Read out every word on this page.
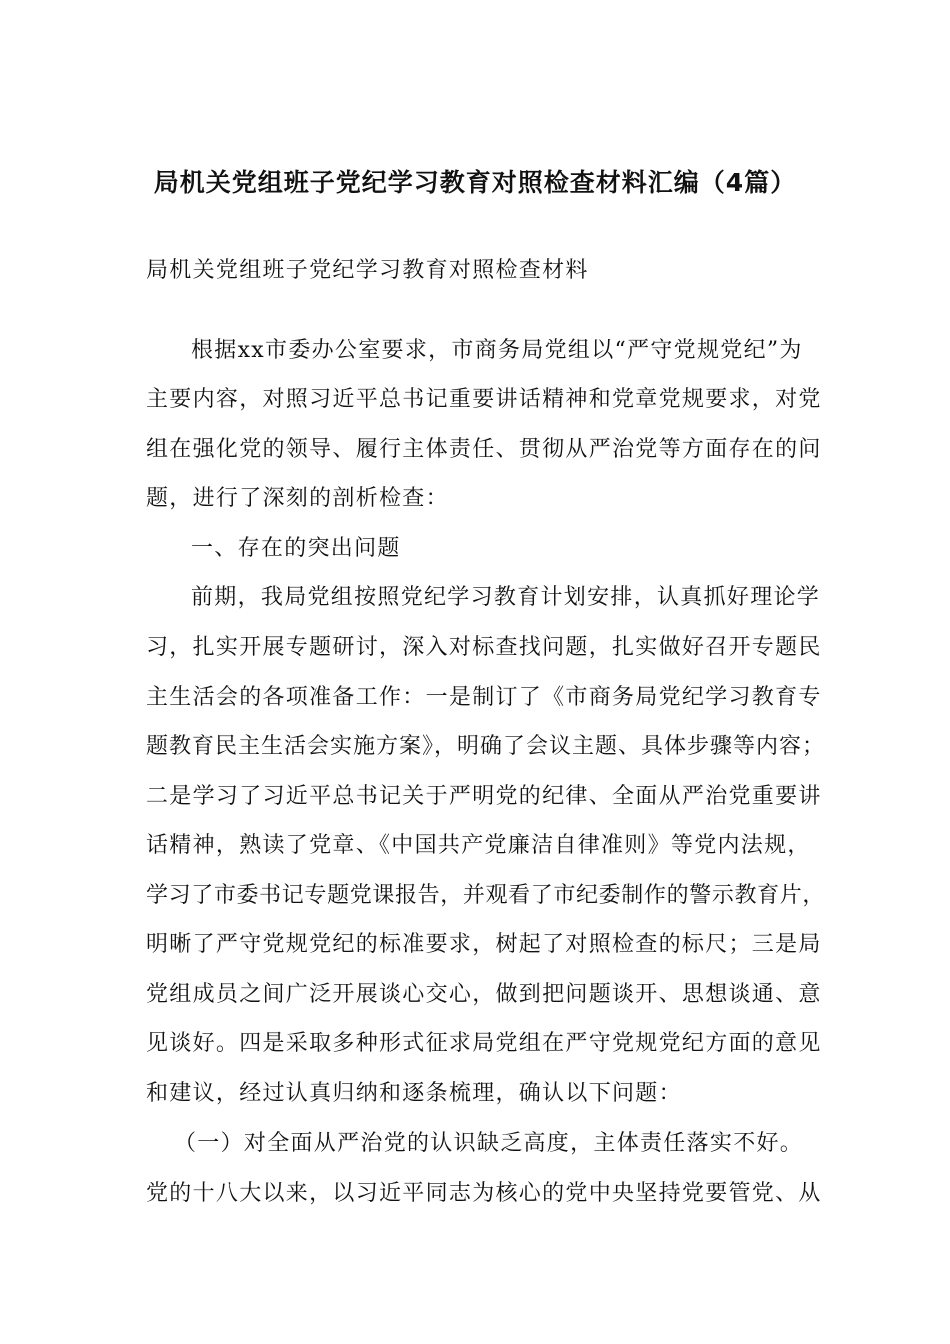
局机关党组班子党纪学习教育对照检查材料汇编（4篇）
局机关党组班子党纪学习教育对照检查材料
根据xx市委办公室要求，市商务局党组以“严守党规党纪”为
主要内容，对照习近平总书记重要讲话精神和党章党规要求，对党
组在强化党的领导、履行主体责任、贯彻从严治党等方面存在的问
题，进行了深刻的剖析检查：
一、存在的突出问题
前期，我局党组按照党纪学习教育计划安排，认真抓好理论学
习，扎实开展专题研讨，深入对标查找问题，扎实做好召开专题民
主生活会的各项准备工作：一是制订了《市商务局党纪学习教育专
题教育民主生活会实施方案》，明确了会议主题、具体步骤等内容；
二是学习了习近平总书记关于严明党的纪律、全面从严治党重要讲
话精神，熟读了党章、《中国共产党廉洁自律准则》等党内法规，
学习了市委书记专题党课报告，并观看了市纪委制作的警示教育片，
明晰了严守党规党纪的标准要求，树起了对照检查的标尺；三是局
党组成员之间广泛开展谈心交心，做到把问题谈开、思想谈通、意
见谈好。四是采取多种形式征求局党组在严守党规党纪方面的意见
和建议，经过认真归纳和逐条梳理，确认以下问题：
（一）对全面从严治党的认识缺乏高度，主体责任落实不好。
党的十八大以来，以习近平同志为核心的党中央坚持党要管党、从
